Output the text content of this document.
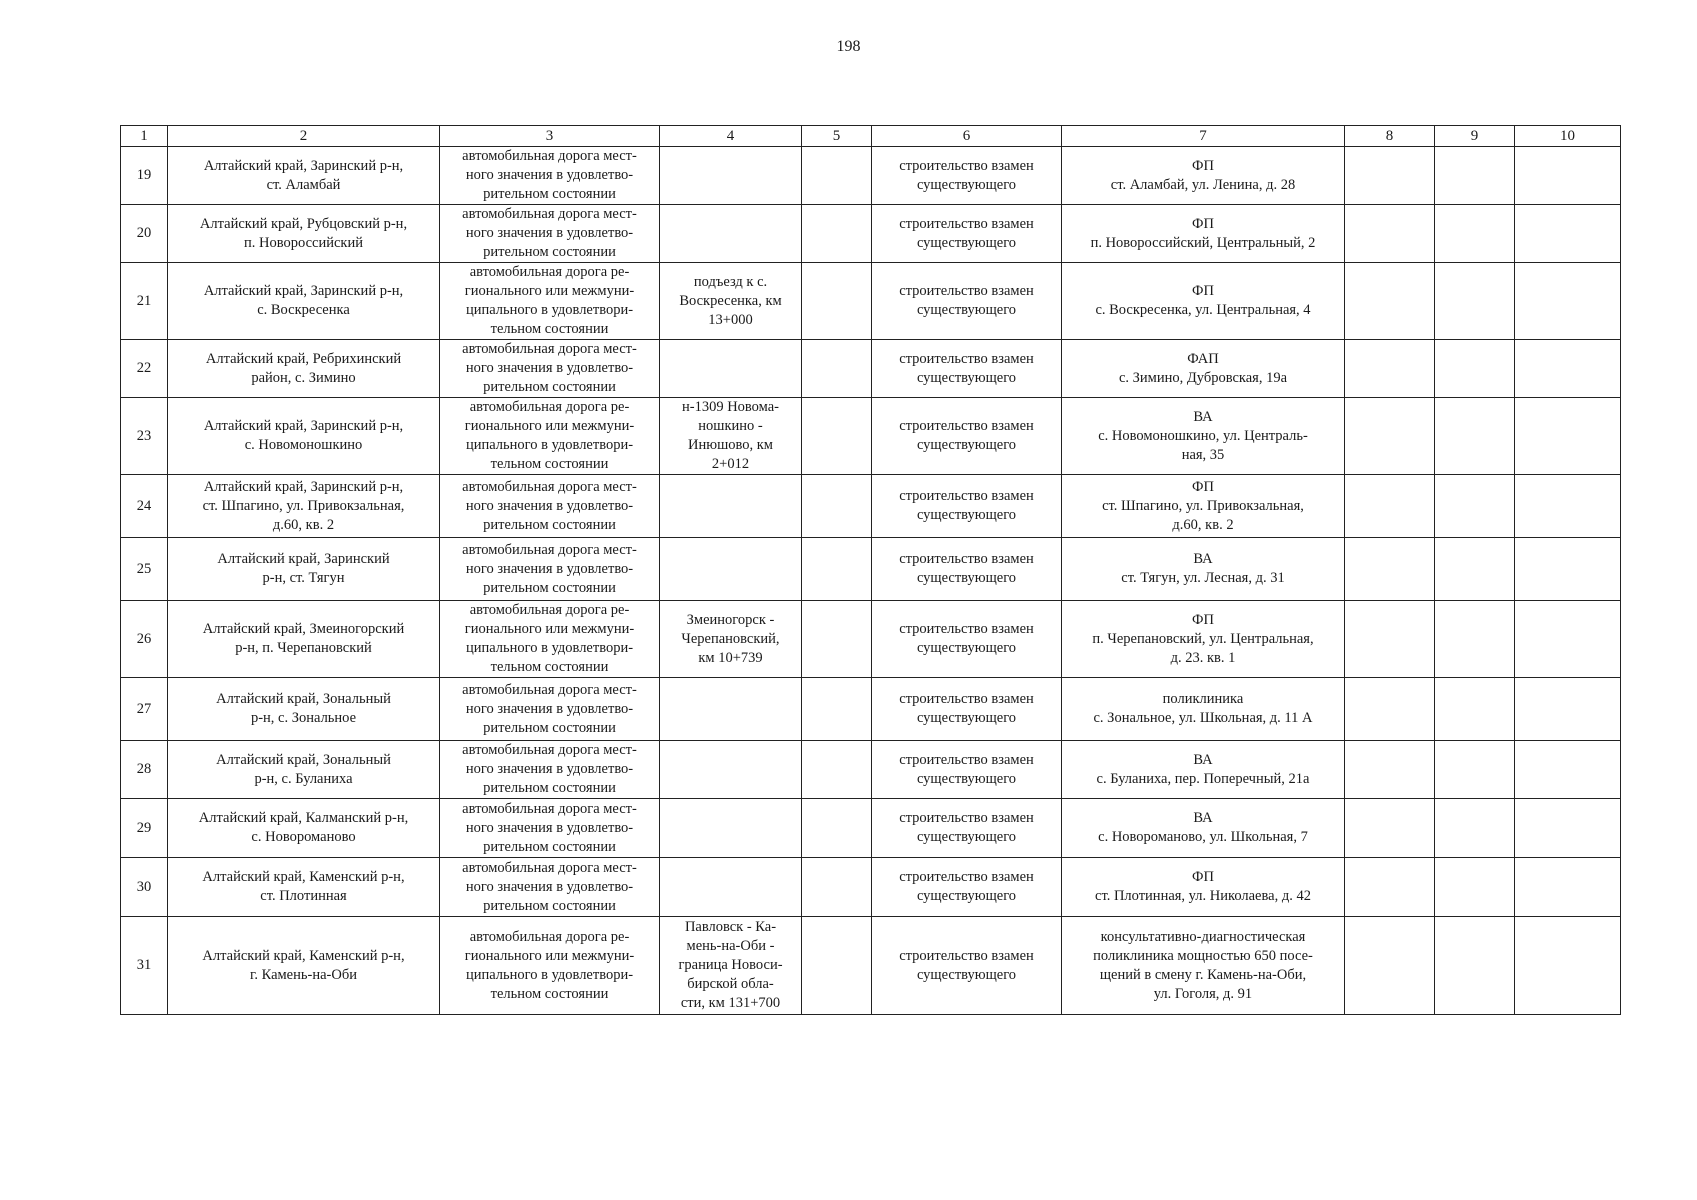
198
1	2	3	4	5	6	7	8	9	10
19	Алтайский край, Заринский р-н,
ст. Аламбай	автомобильная дорога мест-
ного значения в удовлетво-
рительном состоянии			строительство взамен
существующего	ФП
ст. Аламбай, ул. Ленина, д. 28			
20	Алтайский край, Рубцовский р-н,
п. Новороссийский	автомобильная дорога мест-
ного значения в удовлетво-
рительном состоянии			строительство взамен
существующего	ФП
п. Новороссийский, Центральный, 2			
21	Алтайский край, Заринский р-н,
с. Воскресенка	автомобильная дорога ре-
гионального или межмуни-
ципального в удовлетвори-
тельном состоянии	подъезд к с.
Воскресенка, км
13+000		строительство взамен
существующего	ФП
с. Воскресенка, ул. Центральная, 4			
22	Алтайский край, Ребрихинский
район, с. Зимино	автомобильная дорога мест-
ного значения в удовлетво-
рительном состоянии			строительство взамен
существующего	ФАП
с. Зимино, Дубровская, 19а			
23	Алтайский край, Заринский р-н,
с. Новомоношкино	автомобильная дорога ре-
гионального или межмуни-
ципального в удовлетвори-
тельном состоянии	н-1309 Новома-
ношкино -
Инюшово, км
2+012		строительство взамен
существующего	ВА
с. Новомоношкино, ул. Централь-
ная, 35			
24	Алтайский край, Заринский р-н,
ст. Шпагино, ул. Привокзальная,
д.60, кв. 2	автомобильная дорога мест-
ного значения в удовлетво-
рительном состоянии			строительство взамен
существующего	ФП
ст. Шпагино, ул. Привокзальная,
д.60, кв. 2			
25	Алтайский край, Заринский
р-н, ст. Тягун	автомобильная дорога мест-
ного значения в удовлетво-
рительном состоянии			строительство взамен
существующего	ВА
ст. Тягун, ул. Лесная, д. 31			
26	Алтайский край, Змеиногорский
р-н, п. Черепановский	автомобильная дорога ре-
гионального или межмуни-
ципального в удовлетвори-
тельном состоянии	Змеиногорск -
Черепановский,
км 10+739		строительство взамен
существующего	ФП
п. Черепановский, ул. Центральная,
д. 23. кв. 1			
27	Алтайский край, Зональный
р-н, с. Зональное	автомобильная дорога мест-
ного значения в удовлетво-
рительном состоянии			строительство взамен
существующего	поликлиника
с. Зональное, ул. Школьная, д. 11 А			
28	Алтайский край, Зональный
р-н, с. Буланиха	автомобильная дорога мест-
ного значения в удовлетво-
рительном состоянии			строительство взамен
существующего	ВА
с. Буланиха, пер. Поперечный, 21а			
29	Алтайский край, Калманский р-н,
с. Новороманово	автомобильная дорога мест-
ного значения в удовлетво-
рительном состоянии			строительство взамен
существующего	ВА
с. Новороманово, ул. Школьная, 7			
30	Алтайский край, Каменский р-н,
ст. Плотинная	автомобильная дорога мест-
ного значения в удовлетво-
рительном состоянии			строительство взамен
существующего	ФП
ст. Плотинная, ул. Николаева, д. 42			
31	Алтайский край, Каменский р-н,
г. Камень-на-Оби	автомобильная дорога ре-
гионального или межмуни-
ципального в удовлетвори-
тельном состоянии	Павловск - Ка-
мень-на-Оби -
граница Новоси-
бирской обла-
сти, км 131+700		строительство взамен
существующего	консультативно-диагностическая
поликлиника мощностью 650 посе-
щений в смену г. Камень-на-Оби,
ул. Гоголя, д. 91			
